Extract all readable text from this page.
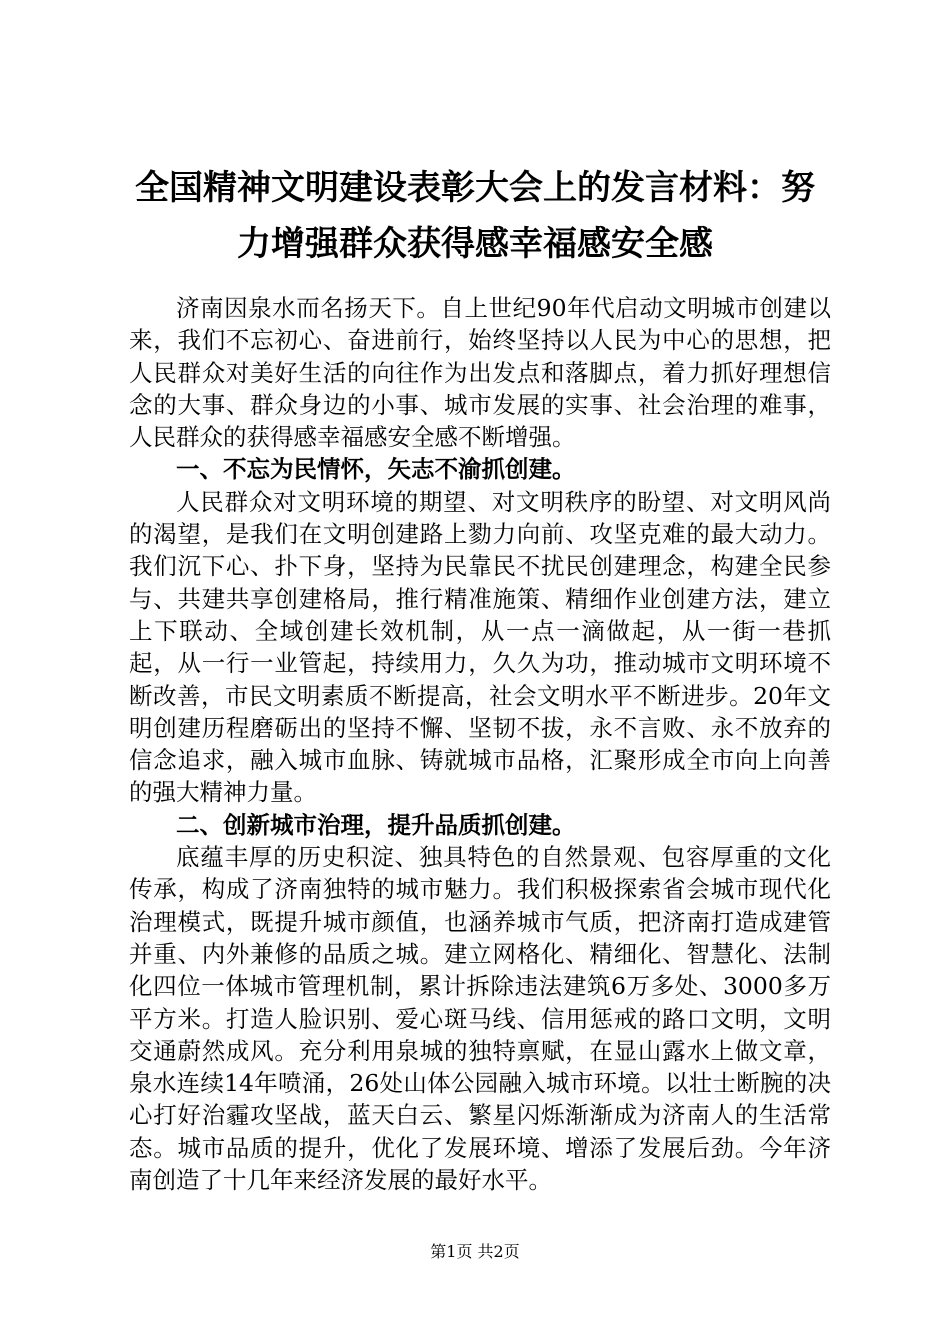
全国精神文明建设表彰大会上的发言材料：努
力增强群众获得感幸福感安全感

济南因泉水而名扬天下。自上世纪90年代启动文明城市创建以来，我们不忘初心、奋进前行，始终坚持以人民为中心的思想，把人民群众对美好生活的向往作为出发点和落脚点，着力抓好理想信念的大事、群众身边的小事、城市发展的实事、社会治理的难事，人民群众的获得感幸福感安全感不断增强。

一、不忘为民情怀，矢志不渝抓创建。

人民群众对文明环境的期望、对文明秩序的盼望、对文明风尚的渴望，是我们在文明创建路上勠力向前、攻坚克难的最大动力。我们沉下心、扑下身，坚持为民靠民不扰民创建理念，构建全民参与、共建共享创建格局，推行精准施策、精细作业创建方法，建立上下联动、全域创建长效机制，从一点一滴做起，从一街一巷抓起，从一行一业管起，持续用力，久久为功，推动城市文明环境不断改善，市民文明素质不断提高，社会文明水平不断进步。20年文明创建历程磨砺出的坚持不懈、坚韧不拔，永不言败、永不放弃的信念追求，融入城市血脉、铸就城市品格，汇聚形成全市向上向善的强大精神力量。

二、创新城市治理，提升品质抓创建。

底蕴丰厚的历史积淀、独具特色的自然景观、包容厚重的文化传承，构成了济南独特的城市魅力。我们积极探索省会城市现代化治理模式，既提升城市颜值，也涵养城市气质，把济南打造成建管并重、内外兼修的品质之城。建立网格化、精细化、智慧化、法制化四位一体城市管理机制，累计拆除违法建筑6万多处、3000多万平方米。打造人脸识别、爱心斑马线、信用惩戒的路口文明，文明交通蔚然成风。充分利用泉城的独特禀赋，在显山露水上做文章，泉水连续14年喷涌，26处山体公园融入城市环境。以壮士断腕的决心打好治霾攻坚战，蓝天白云、繁星闪烁渐渐成为济南人的生活常态。城市品质的提升，优化了发展环境、增添了发展后劲。今年济南创造了十几年来经济发展的最好水平。

第1页 共2页
